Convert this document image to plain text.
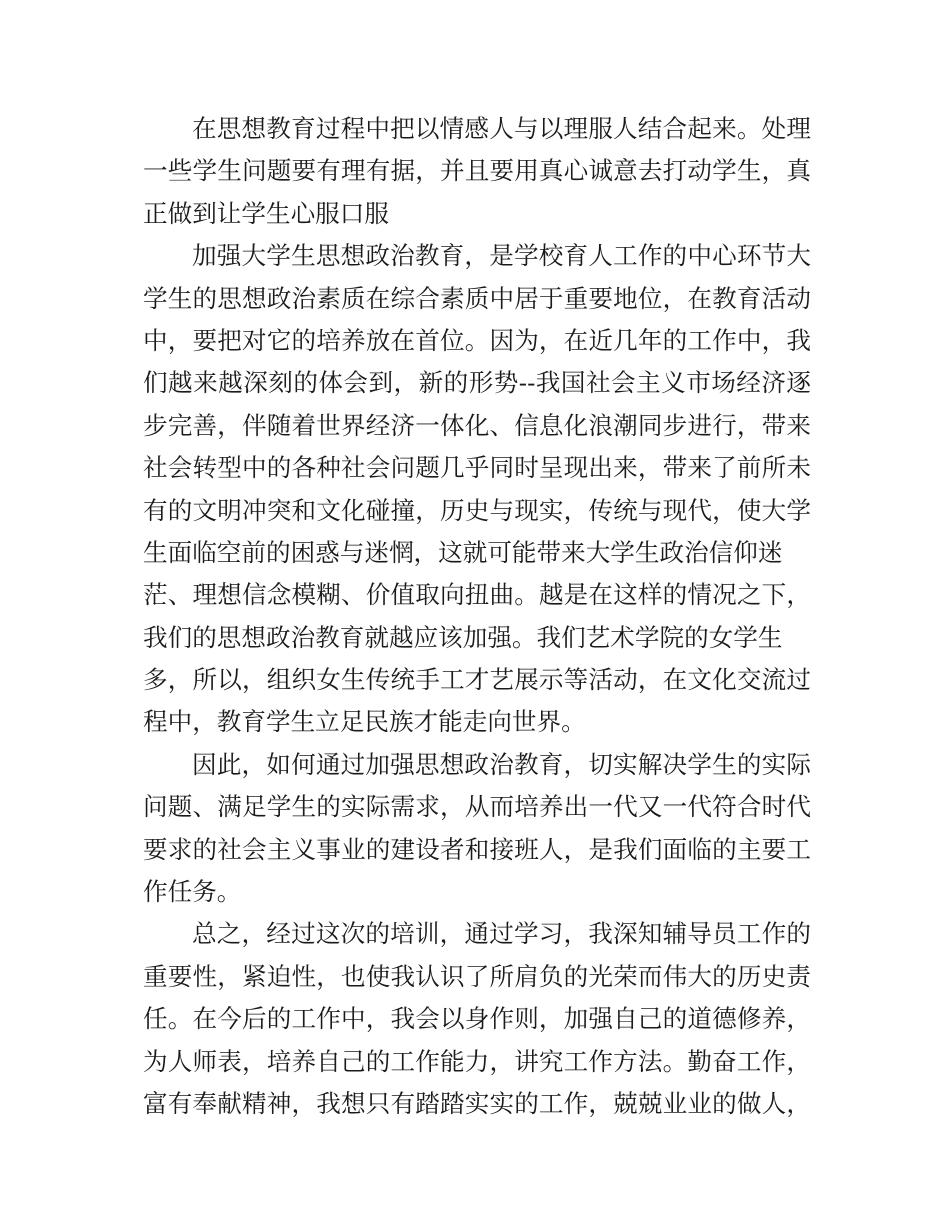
在思想教育过程中把以情感人与以理服人结合起来。处理
一些学生问题要有理有据，并且要用真心诚意去打动学生，真
正做到让学生心服口服
加强大学生思想政治教育，是学校育人工作的中心环节大
学生的思想政治素质在综合素质中居于重要地位，在教育活动
中，要把对它的培养放在首位。因为，在近几年的工作中，我
们越来越深刻的体会到，新的形势--我国社会主义市场经济逐
步完善，伴随着世界经济一体化、信息化浪潮同步进行，带来
社会转型中的各种社会问题几乎同时呈现出来，带来了前所未
有的文明冲突和文化碰撞，历史与现实，传统与现代，使大学
生面临空前的困惑与迷惘，这就可能带来大学生政治信仰迷
茫、理想信念模糊、价值取向扭曲。越是在这样的情况之下，
我们的思想政治教育就越应该加强。我们艺术学院的女学生
多，所以，组织女生传统手工才艺展示等活动，在文化交流过
程中，教育学生立足民族才能走向世界。
因此，如何通过加强思想政治教育，切实解决学生的实际
问题、满足学生的实际需求，从而培养出一代又一代符合时代
要求的社会主义事业的建设者和接班人，是我们面临的主要工
作任务。
总之，经过这次的培训，通过学习，我深知辅导员工作的
重要性，紧迫性，也使我认识了所肩负的光荣而伟大的历史责
任。在今后的工作中，我会以身作则，加强自己的道德修养，
为人师表，培养自己的工作能力，讲究工作方法。勤奋工作，
富有奉献精神，我想只有踏踏实实的工作，兢兢业业的做人，
